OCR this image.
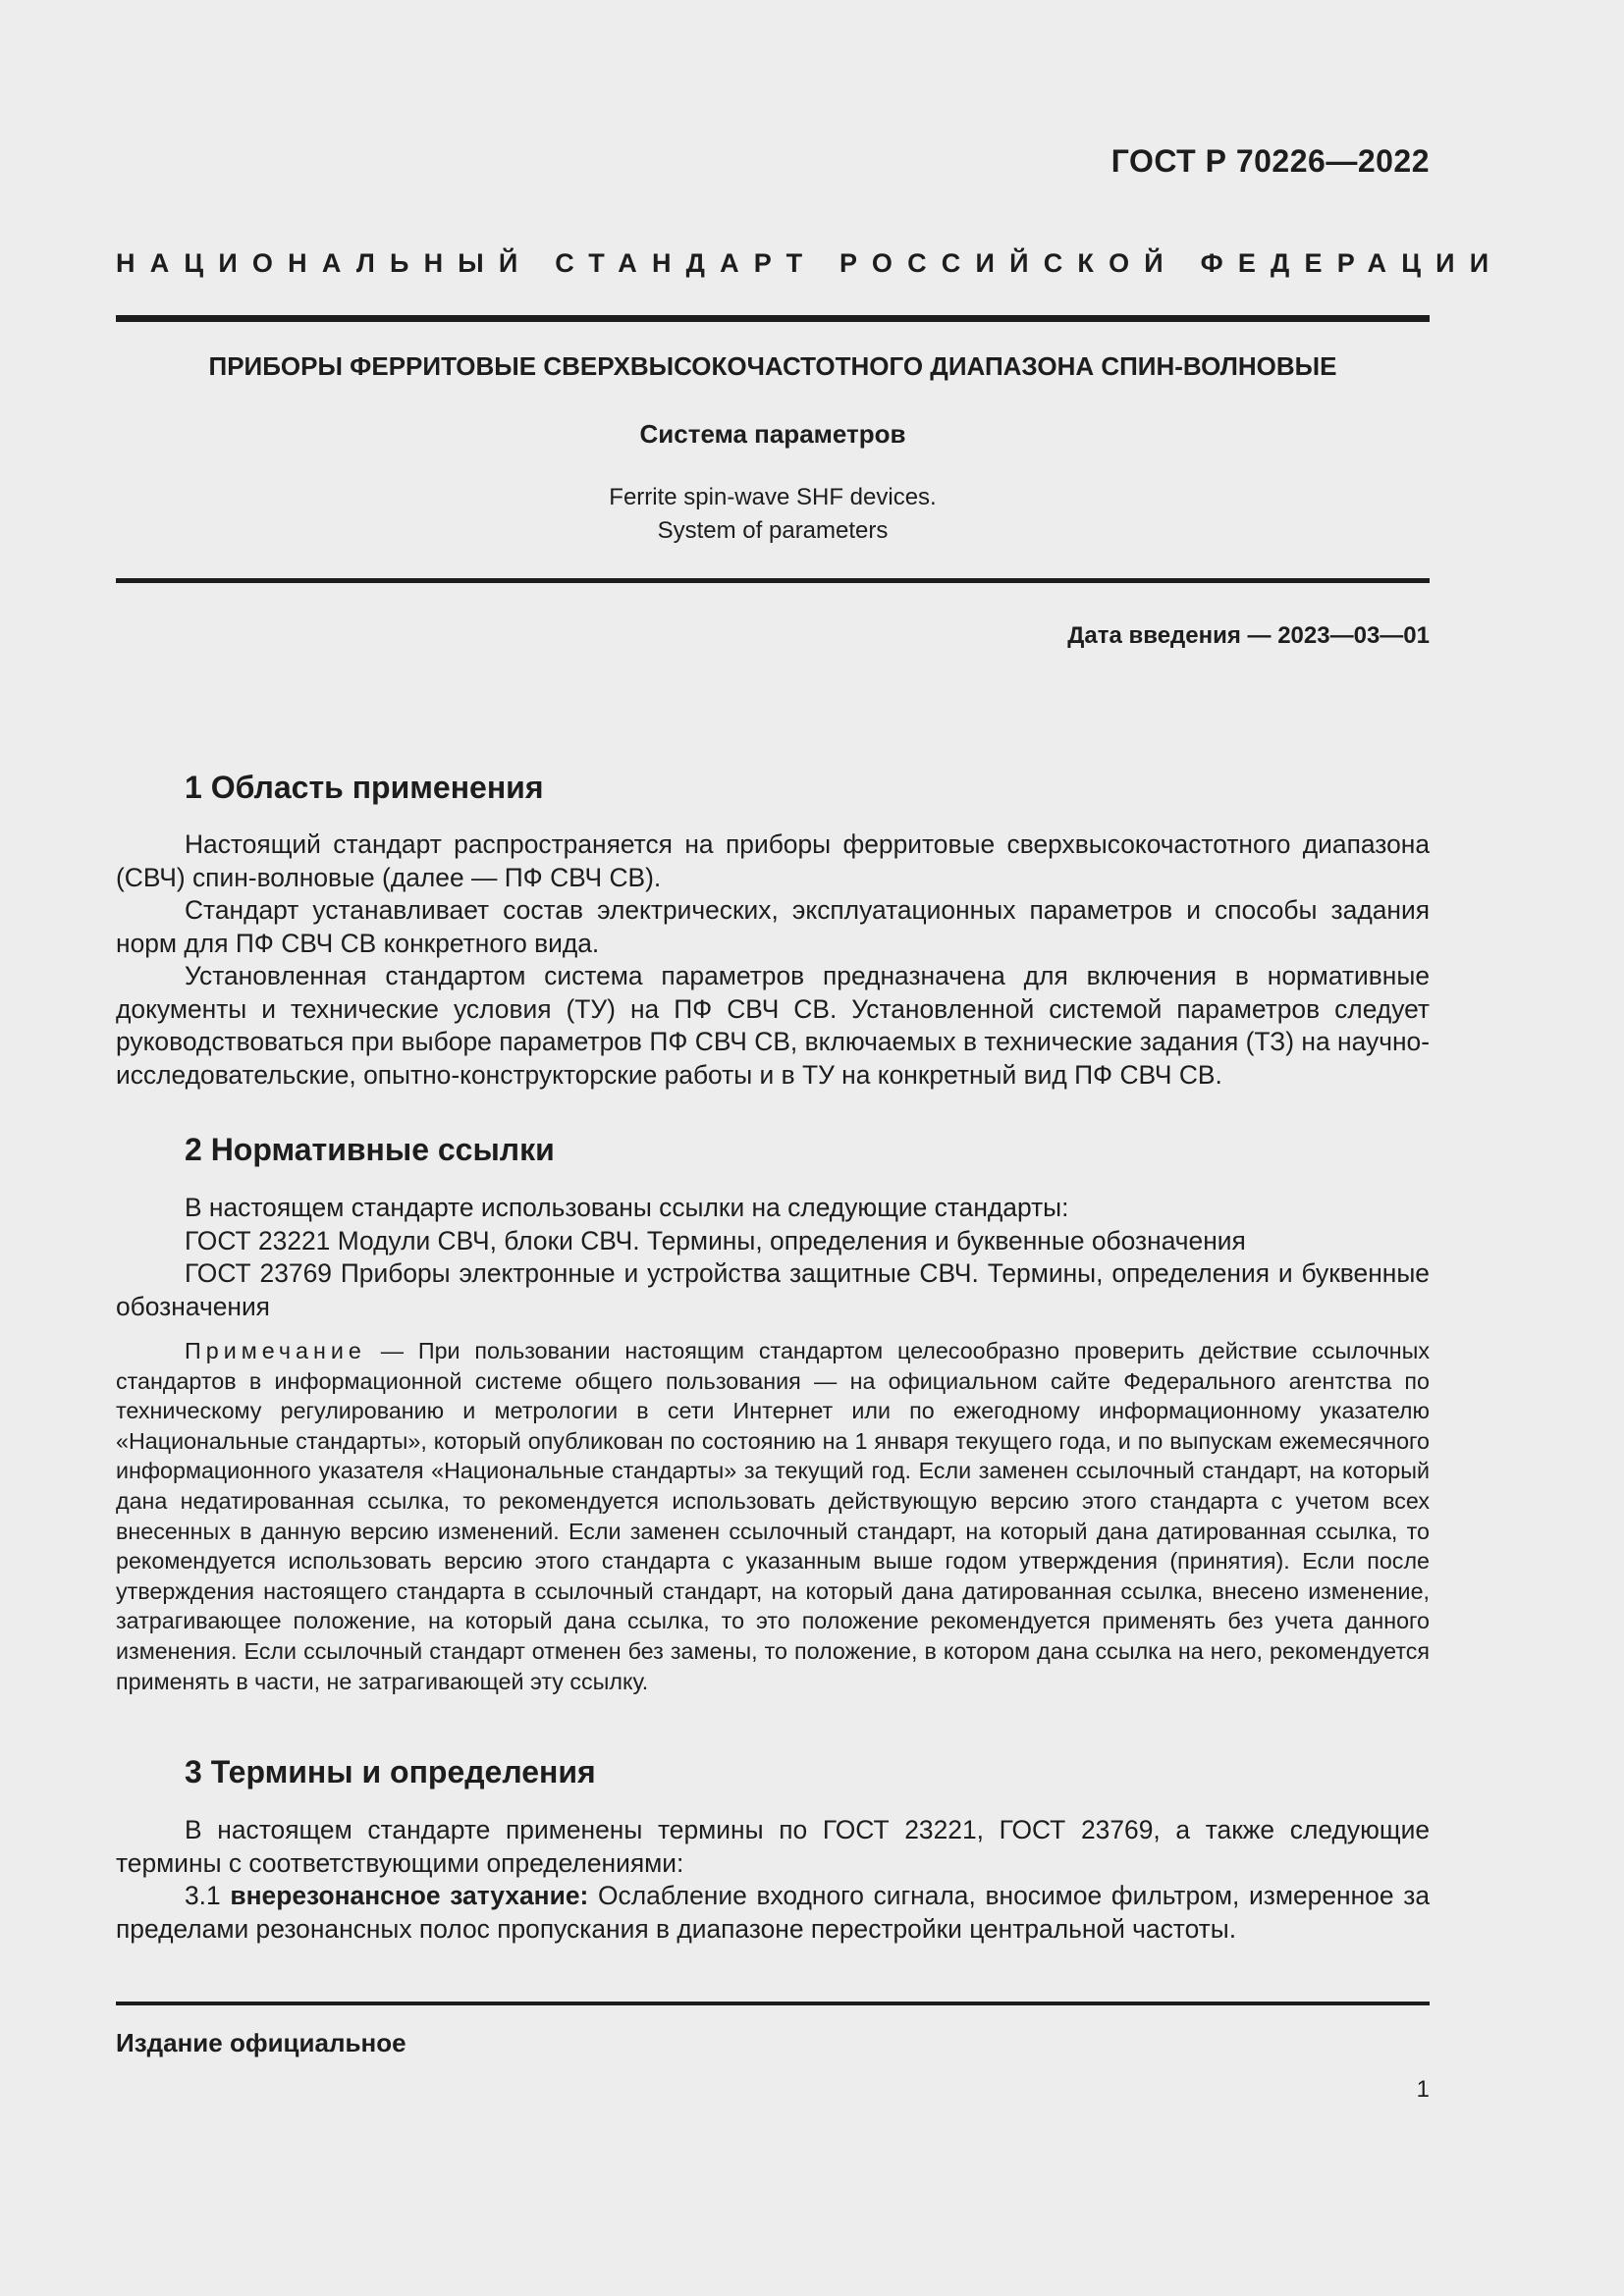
ГОСТ Р 70226—2022
НАЦИОНАЛЬНЫЙ СТАНДАРТ РОССИЙСКОЙ ФЕДЕРАЦИИ
ПРИБОРЫ ФЕРРИТОВЫЕ СВЕРХВЫСОКОЧАСТОТНОГО ДИАПАЗОНА СПИН-ВОЛНОВЫЕ
Система параметров
Ferrite spin-wave SHF devices.
System of parameters
Дата введения — 2023—03—01
1 Область применения

Настоящий стандарт распространяется на приборы ферритовые сверхвысокочастотного диапазона (СВЧ) спин-волновые (далее — ПФ СВЧ СВ).

Стандарт устанавливает состав электрических, эксплуатационных параметров и способы задания норм для ПФ СВЧ СВ конкретного вида.

Установленная стандартом система параметров предназначена для включения в нормативные документы и технические условия (ТУ) на ПФ СВЧ СВ. Установленной системой параметров следует руководствоваться при выборе параметров ПФ СВЧ СВ, включаемых в технические задания (ТЗ) на научно-исследовательские, опытно-конструкторские работы и в ТУ на конкретный вид ПФ СВЧ СВ.

2 Нормативные ссылки

В настоящем стандарте использованы ссылки на следующие стандарты:

ГОСТ 23221 Модули СВЧ, блоки СВЧ. Термины, определения и буквенные обозначения

ГОСТ 23769 Приборы электронные и устройства защитные СВЧ. Термины, определения и буквенные обозначения

Примечание — При пользовании настоящим стандартом целесообразно проверить действие ссылочных стандартов в информационной системе общего пользования — на официальном сайте Федерального агентства по техническому регулированию и метрологии в сети Интернет или по ежегодному информационному указателю «Национальные стандарты», который опубликован по состоянию на 1 января текущего года, и по выпускам ежемесячного информационного указателя «Национальные стандарты» за текущий год. Если заменен ссылочный стандарт, на который дана недатированная ссылка, то рекомендуется использовать действующую версию этого стандарта с учетом всех внесенных в данную версию изменений. Если заменен ссылочный стандарт, на который дана датированная ссылка, то рекомендуется использовать версию этого стандарта с указанным выше годом утверждения (принятия). Если после утверждения настоящего стандарта в ссылочный стандарт, на который дана датированная ссылка, внесено изменение, затрагивающее положение, на который дана ссылка, то это положение рекомендуется применять без учета данного изменения. Если ссылочный стандарт отменен без замены, то положение, в котором дана ссылка на него, рекомендуется применять в части, не затрагивающей эту ссылку.

3 Термины и определения

В настоящем стандарте применены термины по ГОСТ 23221, ГОСТ 23769, а также следующие термины с соответствующими определениями:

3.1 внерезонансное затухание: Ослабление входного сигнала, вносимое фильтром, измеренное за пределами резонансных полос пропускания в диапазоне перестройки центральной частоты.

Издание официальное
1
